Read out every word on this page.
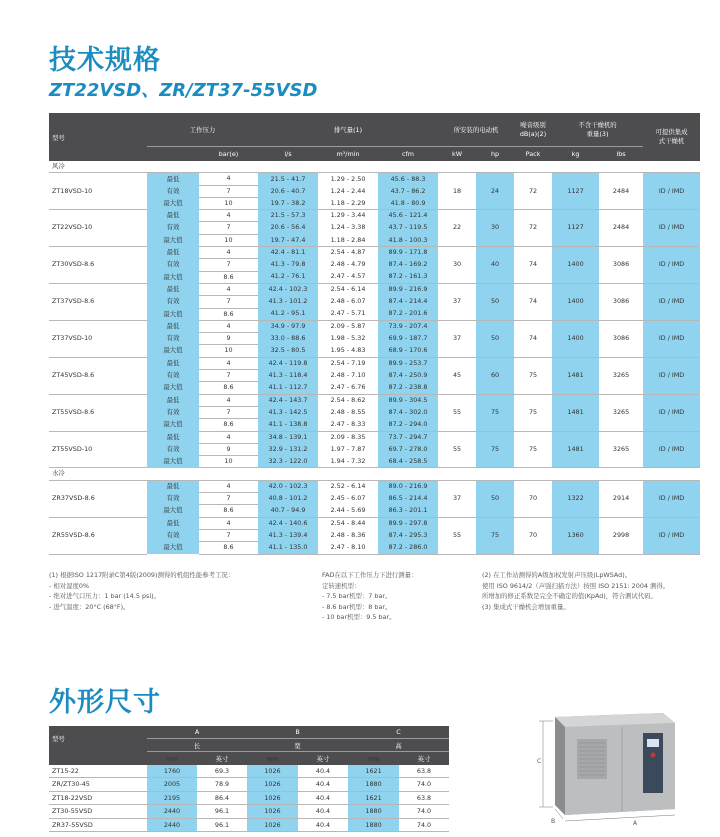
技术规格
ZT22VSD、ZR/ZT37-55VSD
型号	工作压力		排气量(1)			所安装的电动机		噪音级别
dB(a)(2)	不含干燥机的
重量(3)		可提供集成
式干燥机
		bar(e)	l/s	m³/min	cfm	kW	hp	Pack	kg	lbs	
风冷											
ZT18VSD-10	最低	4	21.5 - 41.7	1.29 - 2.50	45.6 - 88.3	18	24	72	1127	2484	ID / IMD
	有效	7	20.6 - 40.7	1.24 - 2.44	43.7 - 86.2						
	最大值	10	19.7 - 38.2	1.18 - 2.29	41.8 - 80.9						
ZT22VSD-10	最低	4	21.5 - 57.3	1.29 - 3.44	45.6 - 121.4	22	30	72	1127	2484	ID / IMD
	有效	7	20.6 - 56.4	1.24 - 3.38	43.7 - 119.5						
	最大值	10	19.7 - 47.4	1.18 - 2.84	41.8 - 100.3						
ZT30VSD-8.6	最低	4	42.4 - 81.1	2.54 - 4.87	89.9 - 171.8	30	40	74	1400	3086	ID / IMD
	有效	7	41.3 - 79.8	2.48 - 4.79	87.4 - 169.2						
	最大值	8.6	41.2 - 76.1	2.47 - 4.57	87.2 - 161.3						
ZT37VSD-8.6	最低	4	42.4 - 102.3	2.54 - 6.14	89.9 - 216.9	37	50	74	1400	3086	ID / IMD
	有效	7	41.3 - 101.2	2.48 - 6.07	87.4 - 214.4						
	最大值	8.6	41.2 - 95.1	2.47 - 5.71	87.2 - 201.6						
ZT37VSD-10	最低	4	34.9 - 97.9	2.09 - 5.87	73.9 - 207.4	37	50	74	1400	3086	ID / IMD
	有效	9	33.0 - 88.6	1.98 - 5.32	69.9 - 187.7						
	最大值	10	32.5 - 80.5	1.95 - 4.83	68.9 - 170.6						
ZT45VSD-8.6	最低	4	42.4 - 119.8	2.54 - 7.19	89.9 - 253.7	45	60	75	1481	3265	ID / IMD
	有效	7	41.3 - 118.4	2.48 - 7.10	87.4 - 250.9						
	最大值	8.6	41.1 - 112.7	2.47 - 6.76	87.2 - 238.8						
ZT55VSD-8.6	最低	4	42.4 - 143.7	2.54 - 8.62	89.9 - 304.5	55	75	75	1481	3265	ID / IMD
	有效	7	41.3 - 142.5	2.48 - 8.55	87.4 - 302.0						
	最大值	8.6	41.1 - 138.8	2.47 - 8.33	87.2 - 294.0						
ZT55VSD-10	最低	4	34.8 - 139.1	2.09 - 8.35	73.7 - 294.7	55	75	75	1481	3265	ID / IMD
	有效	9	32.9 - 131.2	1.97 - 7.87	69.7 - 278.0						
	最大值	10	32.3 - 122.0	1.94 - 7.32	68.4 - 258.5						
水冷											
ZR37VSD-8.6	最低	4	42.0 - 102.3	2.52 - 6.14	89.0 - 216.9	37	50	70	1322	2914	ID / IMD
	有效	7	40.8 - 101.2	2.45 - 6.07	86.5 - 214.4						
	最大值	8.6	40.7 - 94.9	2.44 - 5.69	86.3 - 201.1						
ZR55VSD-8.6	最低	4	42.4 - 140.6	2.54 - 8.44	89.9 - 297.8	55	75	70	1360	2998	ID / IMD
	有效	7	41.3 - 139.4	2.48 - 8.36	87.4 - 295.3						
	最大值	8.6	41.1 - 135.0	2.47 - 8.10	87.2 - 286.0						
(1) 根据ISO 1217附录C第4版(2009)测得的机组性能参考工况：
- 相对湿度0%
- 绝对进气口压力：1 bar (14.5 psi)。
- 进气温度：20°C (68°F)。
FAD在以下工作压力下进行测量：
定转速机型：
- 7.5 bar机型：7 bar。
- 8.6 bar机型：8 bar。
- 10 bar机型：9.5 bar。
(2) 在工作站测得的A级加权发射声压级(LpWSAd)。
使用 ISO 9614/2（声强扫描方法）按照 ISO 2151: 2004 测得。
所增加的修正系数是完全不确定的值(KpAd)，符合测试代码。
(3) 集成式干燥机会增加重量。
外形尺寸
型号	A		B		C	
	长		宽		高	
	mm	英寸	mm	英寸	mm	英寸
ZT15-22	1760	69.3	1026	40.4	1621	63.8
ZR/ZT30-45	2005	78.9	1026	40.4	1880	74.0
ZT18-22VSD	2195	86.4	1026	40.4	1621	63.8
ZT30-55VSD	2440	96.1	1026	40.4	1880	74.0
ZR37-55VSD	2440	96.1	1026	40.4	1880	74.0
C
A
B
